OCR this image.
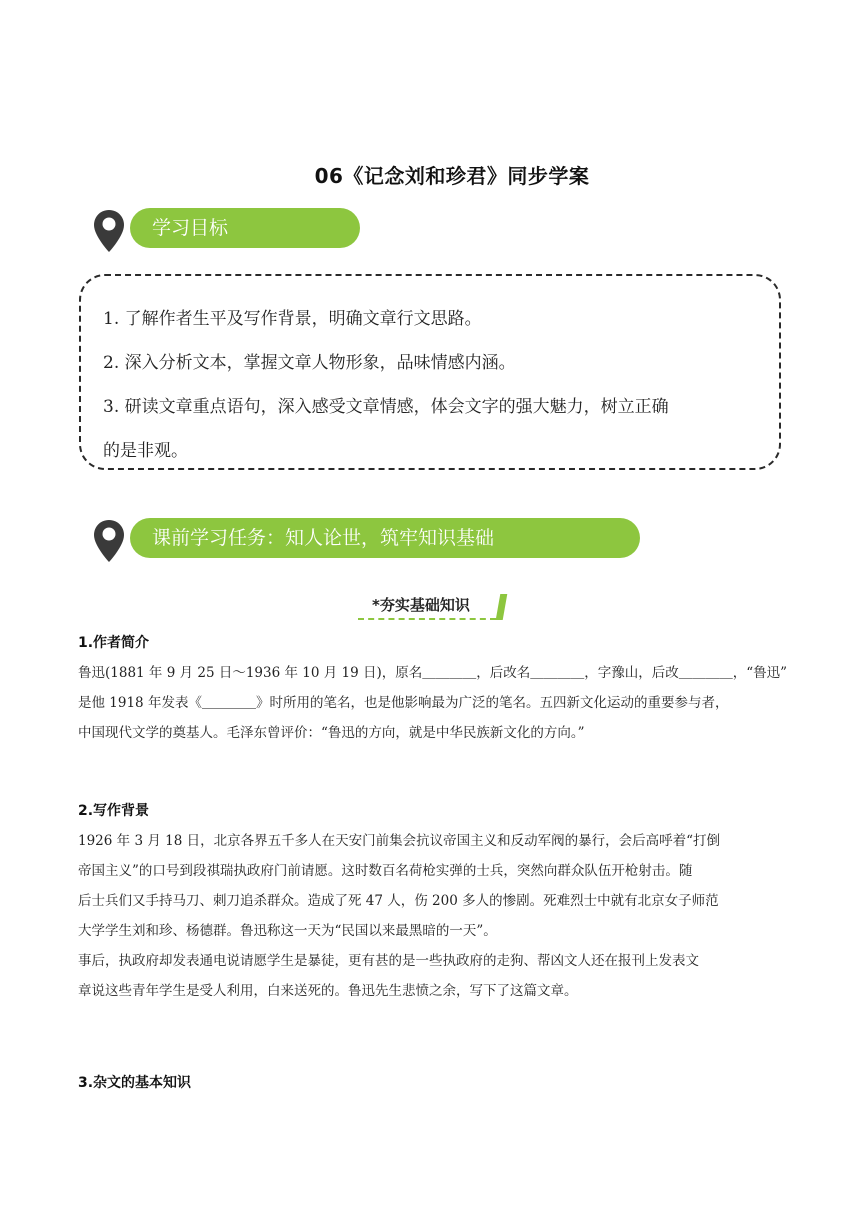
06《记念刘和珍君》同步学案
学习目标

1. 了解作者生平及写作背景，明确文章行文思路。

2. 深入分析文本，掌握文章人物形象，品味情感内涵。

3. 研读文章重点语句，深入感受文章情感，体会文字的强大魅力，树立正确

的是非观。

课前学习任务：知人论世，筑牢知识基础
*夯实基础知识

1.作者简介

鲁迅(1881 年 9 月 25 日～1936 年 10 月 19 日)，原名＿＿＿＿，后改名＿＿＿＿，字豫山，后改＿＿＿＿，“鲁迅”
是他 1918 年发表《＿＿＿＿》时所用的笔名，也是他影响最为广泛的笔名。五四新文化运动的重要参与者，
中国现代文学的奠基人。毛泽东曾评价：“鲁迅的方向，就是中华民族新文化的方向。”

2.写作背景

1926 年 3 月 18 日，北京各界五千多人在天安门前集会抗议帝国主义和反动军阀的暴行，会后高呼着“打倒
帝国主义”的口号到段祺瑞执政府门前请愿。这时数百名荷枪实弹的士兵，突然向群众队伍开枪射击。随
后士兵们又手持马刀、刺刀追杀群众。造成了死 47 人，伤 200 多人的惨剧。死难烈士中就有北京女子师范
大学学生刘和珍、杨德群。鲁迅称这一天为“民国以来最黑暗的一天”。
事后，执政府却发表通电说请愿学生是暴徒，更有甚的是一些执政府的走狗、帮凶文人还在报刊上发表文
章说这些青年学生是受人利用，白来送死的。鲁迅先生悲愤之余，写下了这篇文章。

3.杂文的基本知识
